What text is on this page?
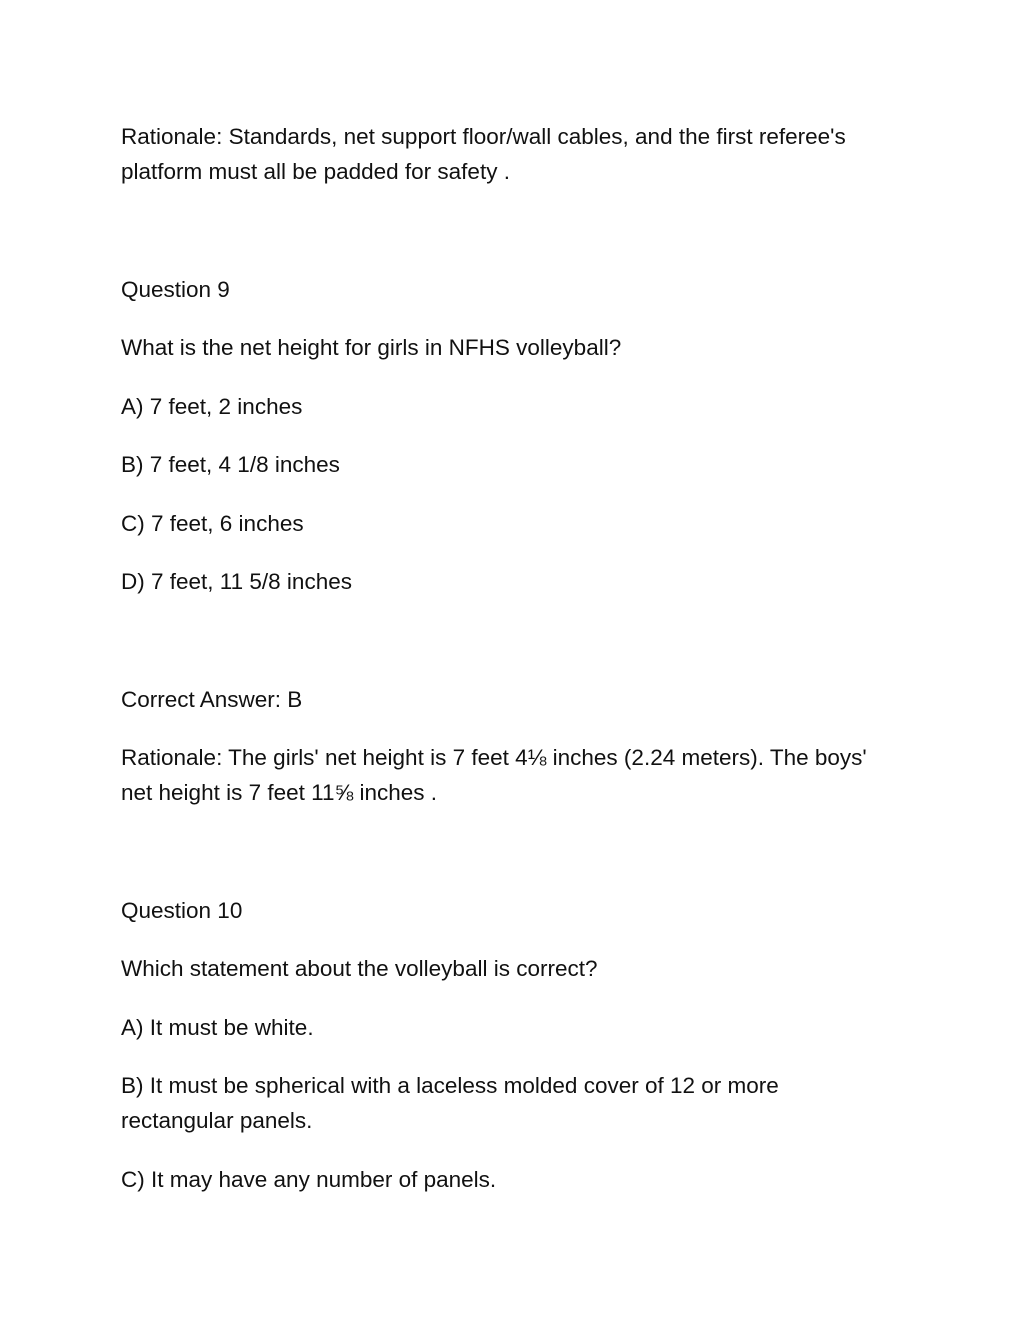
Rationale: Standards, net support floor/wall cables, and the first referee's platform must all be padded for safety .

Question 9

What is the net height for girls in NFHS volleyball?

A) 7 feet, 2 inches

B) 7 feet, 4 1/8 inches

C) 7 feet, 6 inches

D) 7 feet, 11 5/8 inches

Correct Answer: B

Rationale: The girls' net height is 7 feet 4⅛ inches (2.24 meters). The boys' net height is 7 feet 11⅝ inches .

Question 10

Which statement about the volleyball is correct?

A) It must be white.

B) It must be spherical with a laceless molded cover of 12 or more rectangular panels.

C) It may have any number of panels.
